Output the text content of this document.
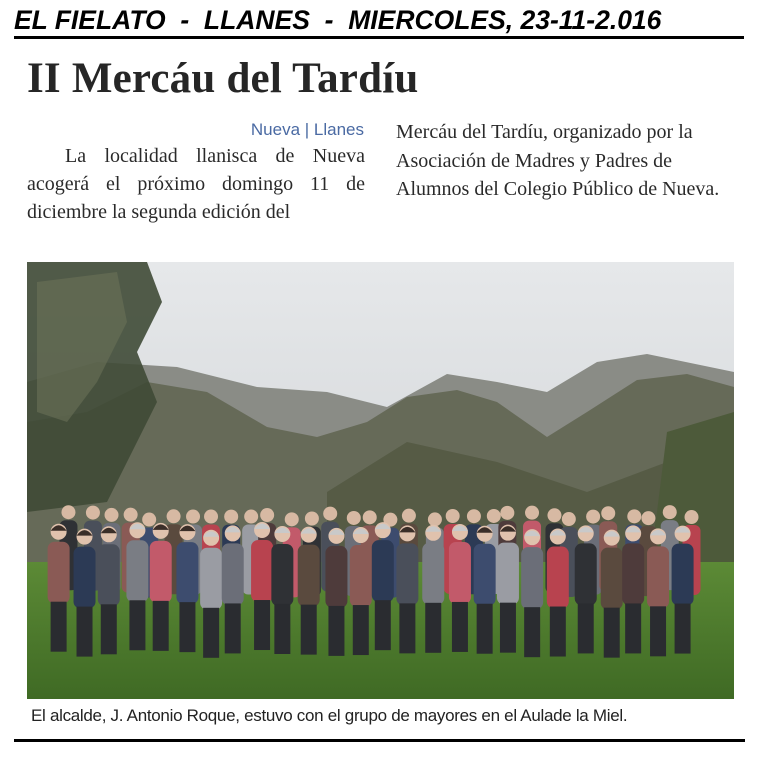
EL FIELATO  -  LLANES  -  MIERCOLES, 23-11-2.016
II Mercáu del Tardíu
Nueva | Llanes

La localidad llanisca de Nueva acogerá el próximo domingo 11 de diciembre la segunda edición del

Mercáu del Tardíu, organizado por la Asociación de Madres y Padres de Alumnos del Colegio Público de Nueva.

El alcalde, J. Antonio Roque, estuvo con el grupo de mayores en el Aulade la Miel.
